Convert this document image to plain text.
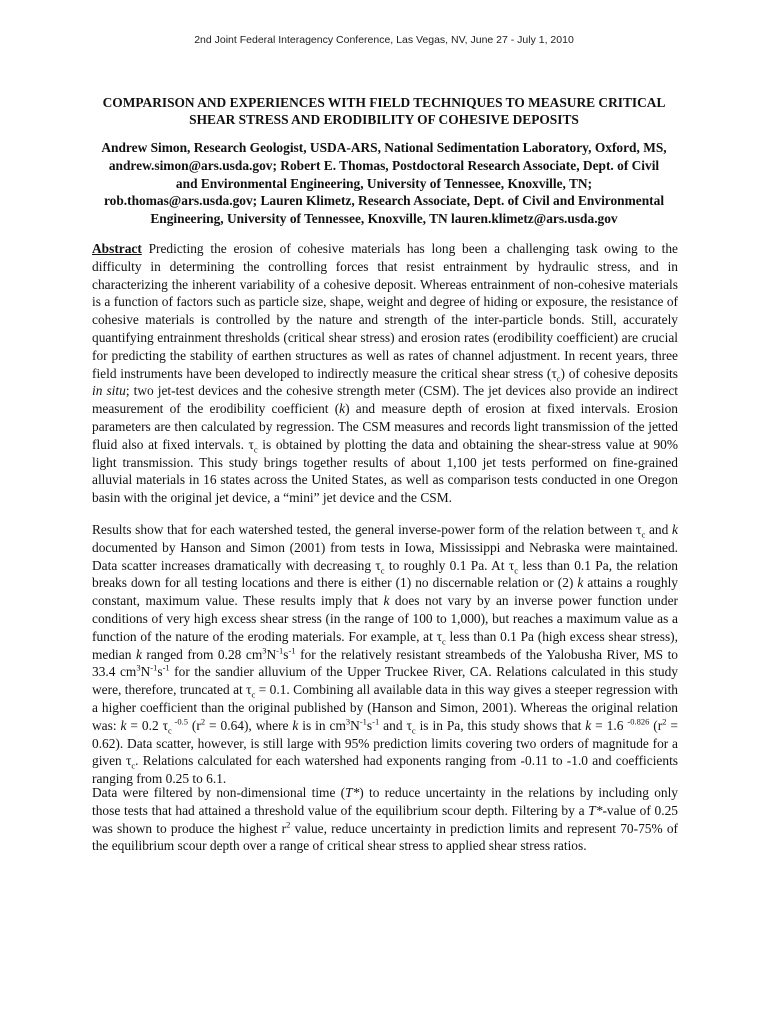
2nd Joint Federal Interagency Conference, Las Vegas, NV, June 27 - July 1, 2010
COMPARISON AND EXPERIENCES WITH FIELD TECHNIQUES TO MEASURE CRITICAL
SHEAR STRESS AND ERODIBILITY OF COHESIVE DEPOSITS
Andrew Simon, Research Geologist, USDA-ARS, National Sedimentation Laboratory, Oxford, MS,
andrew.simon@ars.usda.gov; Robert E. Thomas, Postdoctoral Research Associate, Dept. of Civil
and Environmental Engineering, University of Tennessee, Knoxville, TN;
rob.thomas@ars.usda.gov; Lauren Klimetz, Research Associate, Dept. of Civil and Environmental
Engineering, University of Tennessee, Knoxville, TN lauren.klimetz@ars.usda.gov

Abstract Predicting the erosion of cohesive materials has long been a challenging task owing to the difficulty in determining the controlling forces that resist entrainment by hydraulic stress, and in characterizing the inherent variability of a cohesive deposit. Whereas entrainment of non-cohesive materials is a function of factors such as particle size, shape, weight and degree of hiding or exposure, the resistance of cohesive materials is controlled by the nature and strength of the inter-particle bonds. Still, accurately quantifying entrainment thresholds (critical shear stress) and erosion rates (erodibility coefficient) are crucial for predicting the stability of earthen structures as well as rates of channel adjustment. In recent years, three field instruments have been developed to indirectly measure the critical shear stress $(\tau_c)$ of cohesive deposits in situ; two jet-test devices and the cohesive strength meter (CSM). The jet devices also provide an indirect measurement of the erodibility coefficient (k) and measure depth of erosion at fixed intervals. Erosion parameters are then calculated by regression. The CSM measures and records light transmission of the jetted fluid also at fixed intervals. $\tau_c$ is obtained by plotting the data and obtaining the shear-stress value at 90% light transmission. This study brings together results of about 1,100 jet tests performed on fine-grained alluvial materials in 16 states across the United States, as well as comparison tests conducted in one Oregon basin with the original jet device, a “mini” jet device and the CSM.

Results show that for each watershed tested, the general inverse-power form of the relation between $\tau_c$ and k documented by Hanson and Simon (2001) from tests in Iowa, Mississippi and Nebraska were maintained. Data scatter increases dramatically with decreasing $\tau_c$ to roughly 0.1 Pa. At $\tau_c$ less than 0.1 Pa, the relation breaks down for all testing locations and there is either (1) no discernable relation or (2) k attains a roughly constant, maximum value. These results imply that k does not vary by an inverse power function under conditions of very high excess shear stress (in the range of 100 to 1,000), but reaches a maximum value as a function of the nature of the eroding materials. For example, at $\tau_c$ less than 0.1 Pa (high excess shear stress), median k ranged from 0.28 $cm^3N^{-1}s^{-1}$ for the relatively resistant streambeds of the Yalobusha River, MS to 33.4 $cm^3N^{-1}s^{-1}$ for the sandier alluvium of the Upper Truckee River, CA. Relations calculated in this study were, therefore, truncated at $\tau_c = 0.1$. Combining all available data in this way gives a steeper regression with a higher coefficient than the original published by (Hanson and Simon, 2001). Whereas the original relation was: k = 0.2 $\tau_c$ $^{-0.5}$ $(r^2 = 0.64)$, where k is in $cm^3N^{-1}s^{-1}$ and $\tau_c$ is in Pa, this study shows that k = 1.6 $^{-0.826}$ $(r^2 = 0.62)$. Data scatter, however, is still large with 95% prediction limits covering two orders of magnitude for a given $\tau_c$. Relations calculated for each watershed had exponents ranging from -0.11 to -1.0 and coefficients ranging from 0.25 to 6.1.

Data were filtered by non-dimensional time (T*) to reduce uncertainty in the relations by including only those tests that had attained a threshold value of the equilibrium scour depth. Filtering by a T*-value of 0.25 was shown to produce the highest $r^2$ value, reduce uncertainty in prediction limits and represent 70-75% of the equilibrium scour depth over a range of critical shear stress to applied shear stress ratios.
